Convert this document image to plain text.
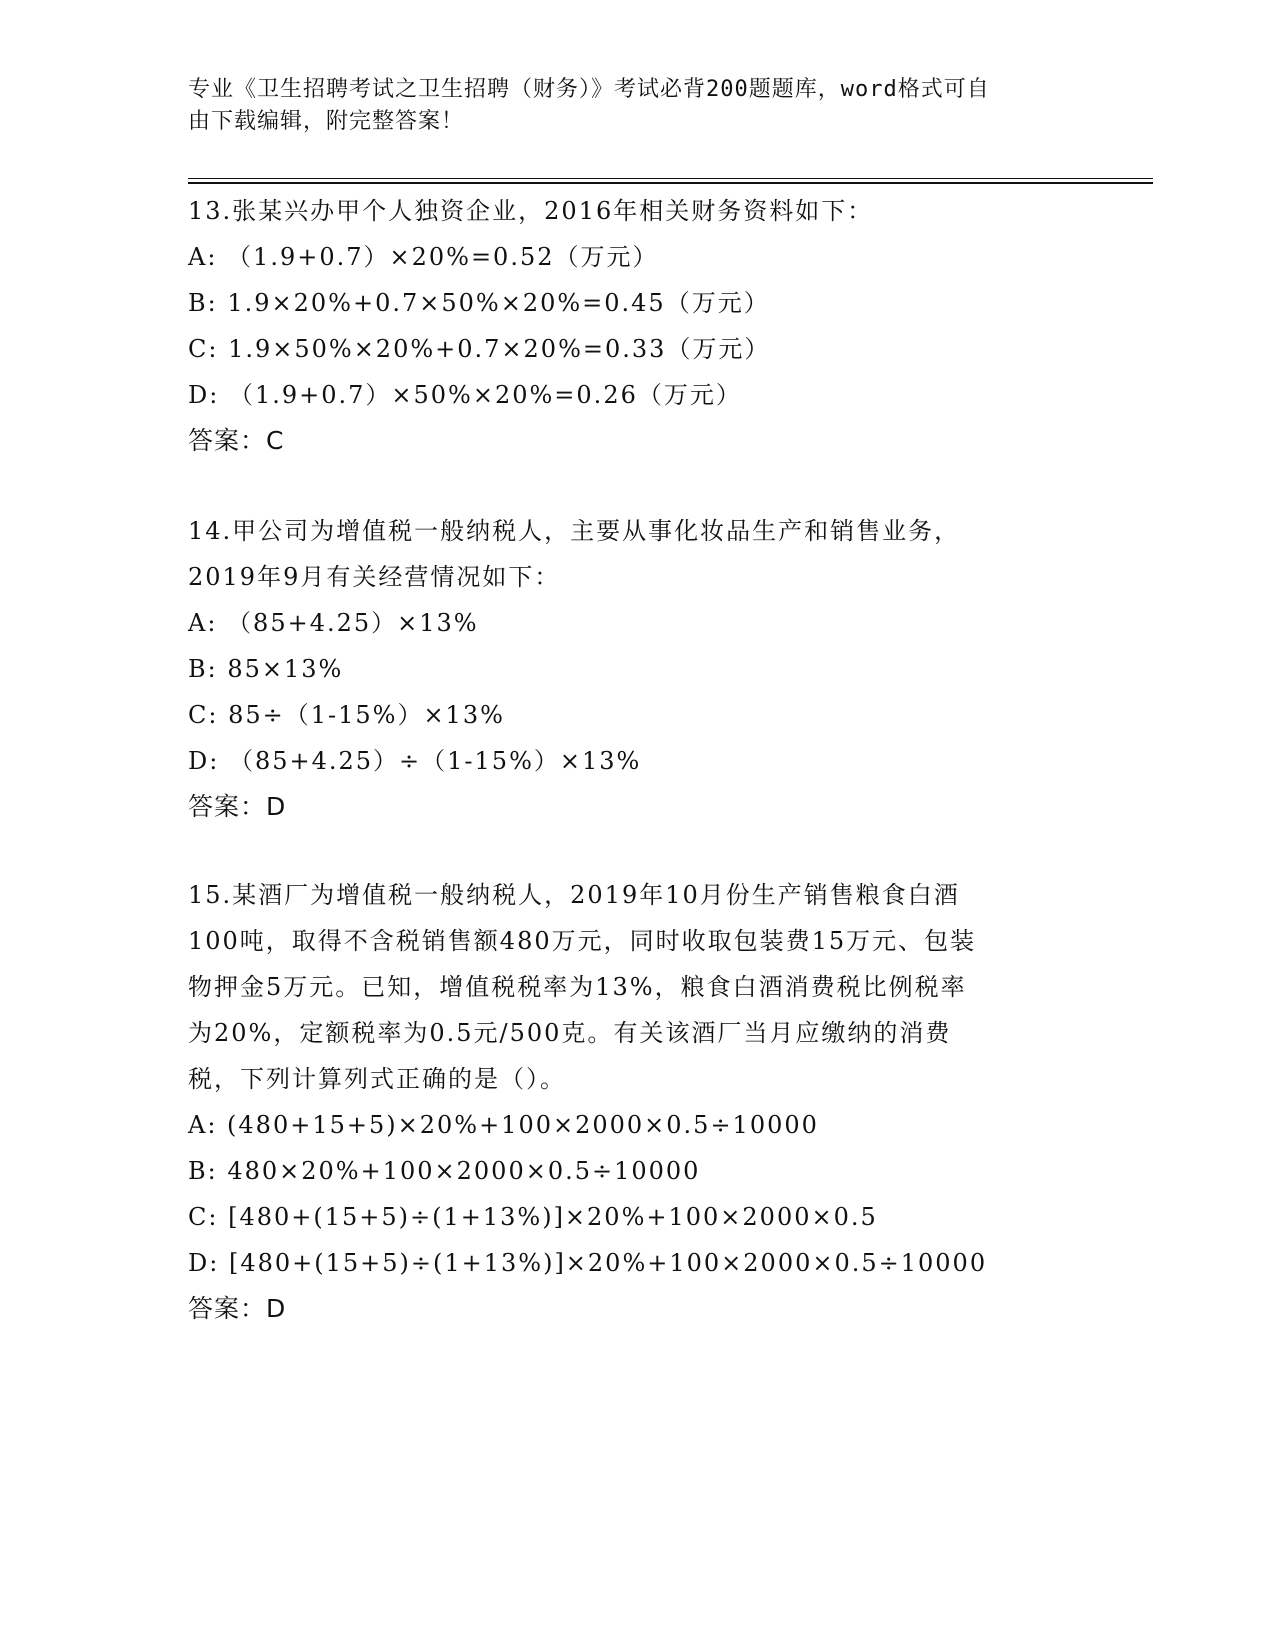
专业《卫生招聘考试之卫生招聘（财务）》考试必背200题题库，word格式可自
由下载编辑，附完整答案！
13.张某兴办甲个人独资企业，2016年相关财务资料如下：
A: （1.9+0.7）×20%=0.52（万元）
B: 1.9×20%+0.7×50%×20%=0.45（万元）
C: 1.9×50%×20%+0.7×20%=0.33（万元）
D: （1.9+0.7）×50%×20%=0.26（万元）
答案：C
14.甲公司为增值税一般纳税人，主要从事化妆品生产和销售业务，
2019年9月有关经营情况如下：
A: （85+4.25）×13%
B: 85×13%
C: 85÷（1-15%）×13%
D: （85+4.25）÷（1-15%）×13%
答案：D
15.某酒厂为增值税一般纳税人，2019年10月份生产销售粮食白酒
100吨，取得不含税销售额480万元，同时收取包装费15万元、包装
物押金5万元。已知，增值税税率为13%，粮食白酒消费税比例税率
为20%，定额税率为0.5元/500克。有关该酒厂当月应缴纳的消费
税，下列计算列式正确的是（）。
A: (480+15+5)×20%+100×2000×0.5÷10000
B: 480×20%+100×2000×0.5÷10000
C: [480+(15+5)÷(1+13%)]×20%+100×2000×0.5
D: [480+(15+5)÷(1+13%)]×20%+100×2000×0.5÷10000
答案：D
